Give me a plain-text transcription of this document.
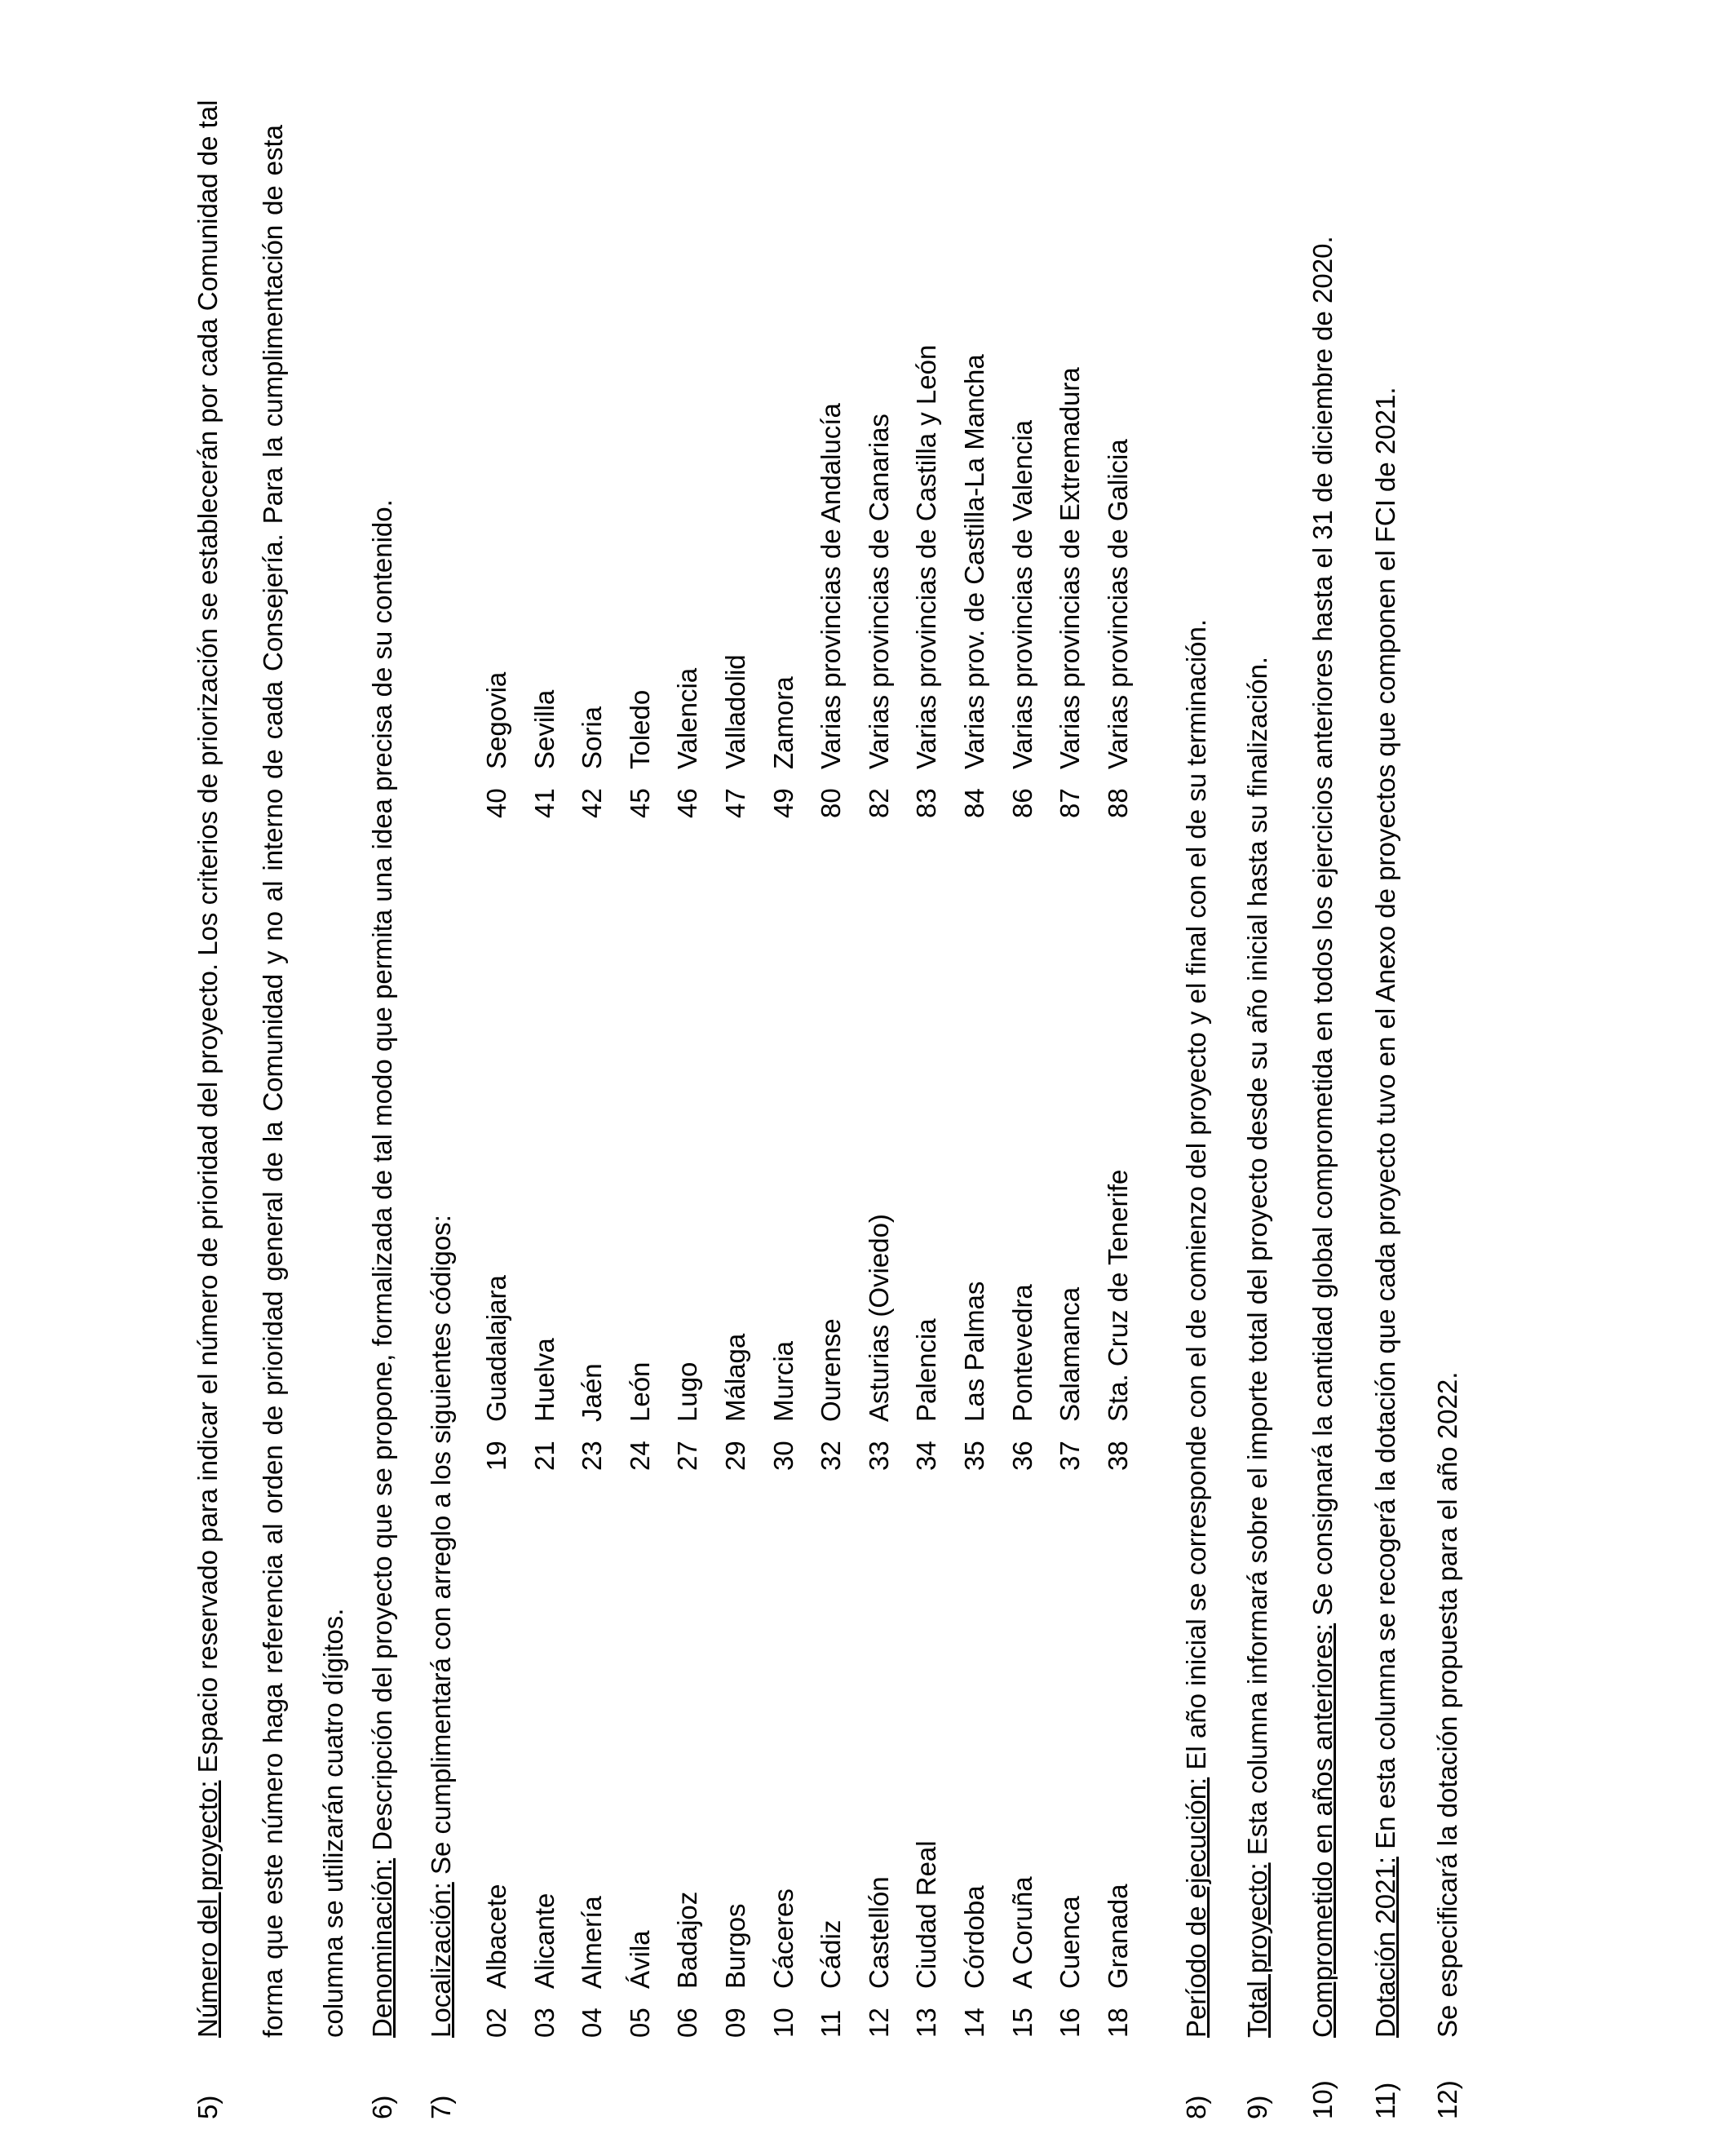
5)
Número del proyecto: Espacio reservado para indicar el número de prioridad del proyecto. Los criterios de priorización se establecerán por cada Comunidad de tal forma que este número haga referencia al orden de prioridad general de la Comunidad y no al interno de cada Consejería. Para la cumplimentación de esta columna se utilizarán cuatro dígitos.
6)
Denominación: Descripción del proyecto que se propone, formalizada de tal modo que permita una idea precisa de su contenido.
7)
Localización: Se cumplimentará con arreglo a los siguientes códigos:
02
Albacete
03
Alicante
04
Almería
05
Ávila
06
Badajoz
09
Burgos
10
Cáceres
11
Cádiz
12
Castellón
13
Ciudad Real
14
Córdoba
15
A Coruña
16
Cuenca
18
Granada
19
Guadalajara
21
Huelva
23
Jaén
24
León
27
Lugo
29
Málaga
30
Murcia
32
Ourense
33
Asturias (Oviedo)
34
Palencia
35
Las Palmas
36
Pontevedra
37
Salamanca
38
Sta. Cruz de Tenerife
40
Segovia
41
Sevilla
42
Soria
45
Toledo
46
Valencia
47
Valladolid
49
Zamora
80
Varias provincias de Andalucía
82
Varias provincias de Canarias
83
Varias provincias de Castilla y León
84
Varias prov. de Castilla-La Mancha
86
Varias provincias de Valencia
87
Varias provincias de Extremadura
88
Varias provincias de Galicia
8)
Período de ejecución: El año inicial se corresponde con el de comienzo del proyecto y el final con el de su terminación.
9)
Total proyecto: Esta columna informará sobre el importe total del proyecto desde su año inicial hasta su finalización.
10)
Comprometido en años anteriores: Se consignará la cantidad global comprometida en todos los ejercicios anteriores hasta el 31 de diciembre de 2020.
11)
Dotación 2021: En esta columna se recogerá la dotación que cada proyecto tuvo en el Anexo de proyectos que componen el FCI de 2021.
12)
Se especificará la dotación propuesta para el año 2022.
